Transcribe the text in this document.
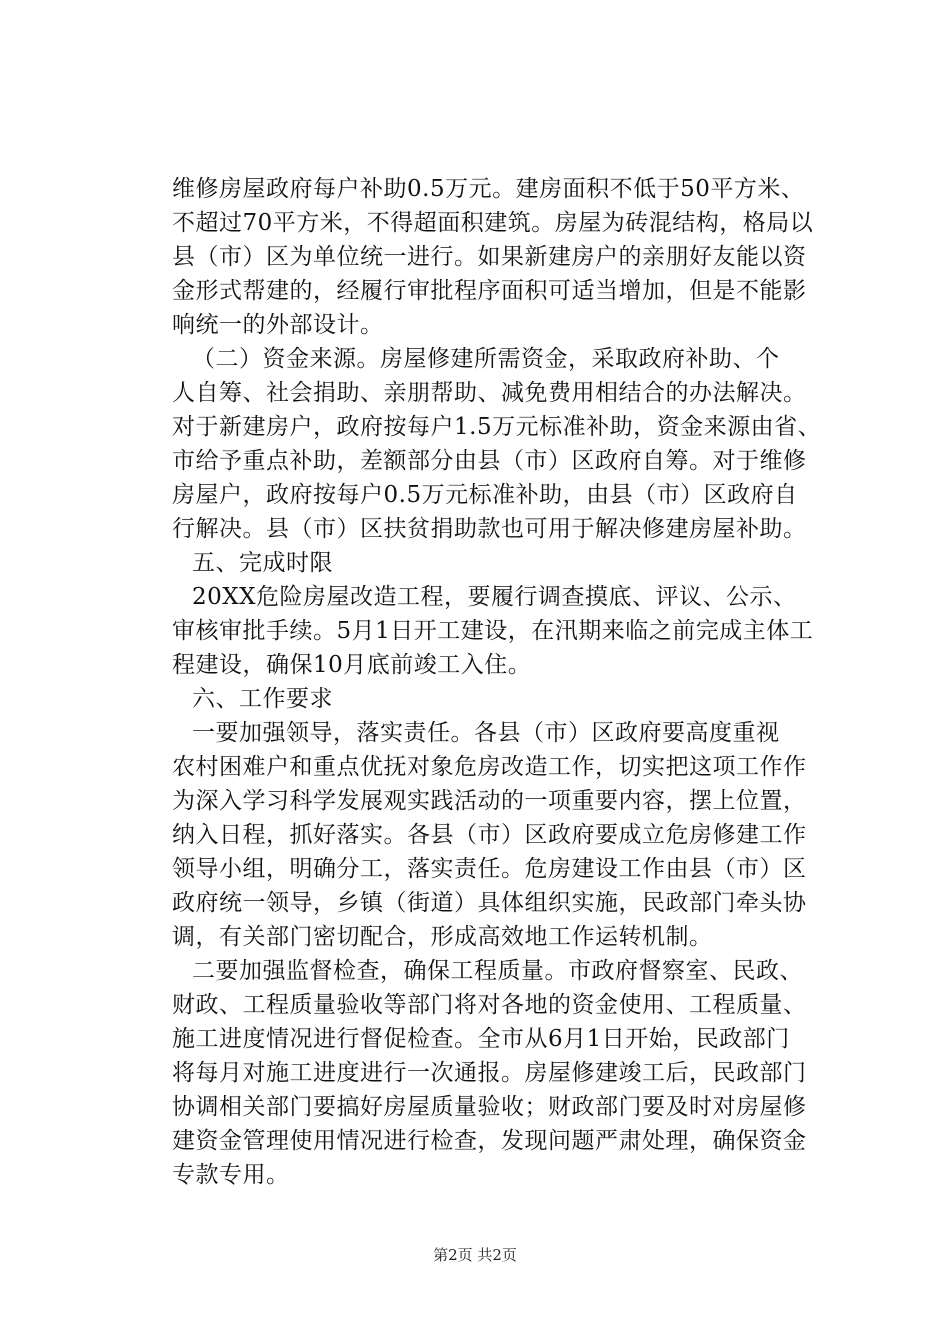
维修房屋政府每户补助0.5万元。建房面积不低于50平方米、
不超过70平方米，不得超面积建筑。房屋为砖混结构，格局以
县（市）区为单位统一进行。如果新建房户的亲朋好友能以资
金形式帮建的，经履行审批程序面积可适当增加，但是不能影
响统一的外部设计。
（二）资金来源。房屋修建所需资金，采取政府补助、个
人自筹、社会捐助、亲朋帮助、减免费用相结合的办法解决。
对于新建房户，政府按每户1.5万元标准补助，资金来源由省、
市给予重点补助，差额部分由县（市）区政府自筹。对于维修
房屋户，政府按每户0.5万元标准补助，由县（市）区政府自
行解决。县（市）区扶贫捐助款也可用于解决修建房屋补助。
五、完成时限
20XX危险房屋改造工程，要履行调查摸底、评议、公示、
审核审批手续。5月1日开工建设，在汛期来临之前完成主体工
程建设，确保10月底前竣工入住。
六、工作要求
一要加强领导，落实责任。各县（市）区政府要高度重视
农村困难户和重点优抚对象危房改造工作，切实把这项工作作
为深入学习科学发展观实践活动的一项重要内容，摆上位置，
纳入日程，抓好落实。各县（市）区政府要成立危房修建工作
领导小组，明确分工，落实责任。危房建设工作由县（市）区
政府统一领导，乡镇（街道）具体组织实施，民政部门牵头协
调，有关部门密切配合，形成高效地工作运转机制。
二要加强监督检查，确保工程质量。市政府督察室、民政、
财政、工程质量验收等部门将对各地的资金使用、工程质量、
施工进度情况进行督促检查。全市从6月1日开始，民政部门
将每月对施工进度进行一次通报。房屋修建竣工后，民政部门
协调相关部门要搞好房屋质量验收；财政部门要及时对房屋修
建资金管理使用情况进行检查，发现问题严肃处理，确保资金
专款专用。
第2页 共2页
